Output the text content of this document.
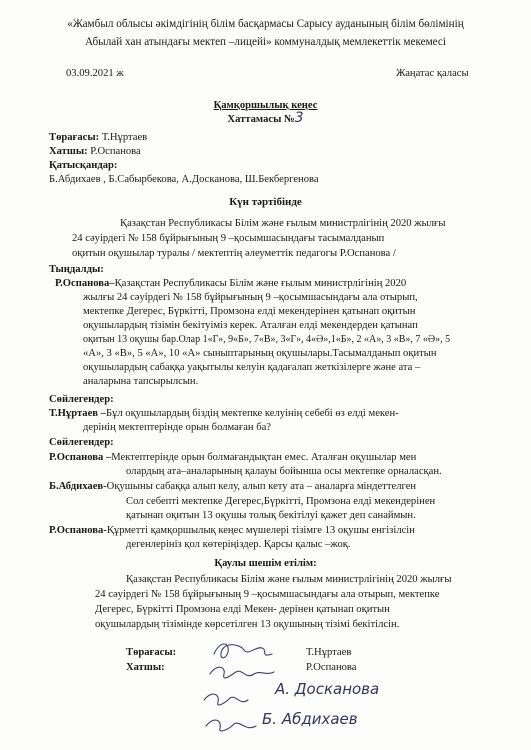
«Жамбыл облысы әкімдігінің білім басқармасы Сарысу ауданының білім бөлімінің
Абылай хан атындағы мектеп –лицейі» коммуналдық мемлекеттік мекемесі
03.09.2021 ж	Жаңатас қаласы
Қамқоршылық кеңес
Хаттамасы №3
Төрағасы: Т.Нұртаев
Хатшы: Р.Оспанова
Қатысқандар:
Б.Абдихаев , Б.Сабырбекова, А.Досканова, Ш.Бекбергенова
Күн тәртібінде
Қазақстан Республикасы Білім және ғылым министрлігінің 2020 жылғы
24 сәуірдегі № 158 бұйрығының 9 –қосымшасындағы тасымалданып
оқитын оқушылар туралы / мектептің әлеуметтік педагогы Р.Оспанова /
Тыңдалды:
Р.Оспанова–Қазақстан Республикасы Білім және ғылым министрлігінің 2020
жылғы 24 сәуірдегі № 158 бұйрығының 9 –қосымшасындағы ала отырып,
мектепке Дегерес, Бүркітті, Промзона елді мекендерінен қатынап оқитын
оқушылардың тізімін бекітуіміз керек. Аталған елді мекендерден қатынап
оқитын 13 оқушы бар.Олар 1«Г», 9«Б», 7«В», 3«Г», 4«Ә»,1«Б», 2 «А», 3 «В», 7 «Ә», 5
«А», 3 «В», 5 «А», 10 «А» сыныптарының оқушылары.Тасымалданып оқитын
оқушылардың сабаққа уақытылы келуін қадағалап жеткізілерге және ата –
аналарына тапсырылсын.
Сөйлегендер:
Т.Нұртаев –Бұл оқушылардың біздің мектепке келуінің себебі өз елді мекен-
дерінің мектептерінде орын болмаған ба?
Сөйлегендер:
Р.Оспанова –Мектептерінде орын болмағандықтан емес. Аталған оқушылар мен
олардың ата–аналарының қалауы бойынша осы мектепке орналасқан.
Б.Абдихаев-Оқушыны сабаққа алып келу, алып кету ата – аналарға міндеттелген
Сол себепті мектепке Дегерес,Бүркітті, Промзона елді мекендерінен
қатынап оқитын 13 оқушы толық бекітілуі қажет деп санаймын.
Р.Оспанова-Құрметті қамқоршылық кеңес мүшелері тізімге 13 оқушы енгізілсін
дегенлерініз қол көтеріңіздер. Қарсы қалыс –жоқ.
Қаулы шешім етілім:
Қазақстан Республикасы Білім және ғылым министрлігінің 2020 жылғы
24 сәуірдегі № 158 бұйрығының 9 –қосымшасындағы ала отырып, мектепке
Дегерес, Бүркітті Промзона елді Мекен- дерінен қатынап оқитын
оқушылардың тізімінде көрсетілген 13 оқушының тізімі бекітілсін.
Төрағасы:	Т.Нұртаев
Хатшы:	Р.Оспанова
А. Досканова
Б. Абдихаев
